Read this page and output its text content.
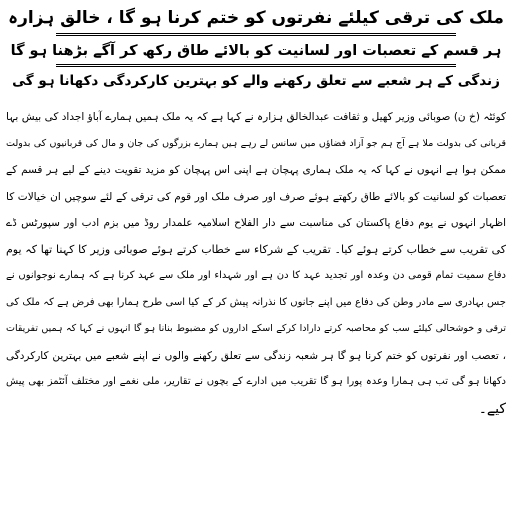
ملک کی ترقی کیلئے نفرتوں کو ختم کرنا ہو گا ، خالق ہزارہ
ہر قسم کے تعصبات اور لسانیت کو بالائے طاق رکھ کر آگے بڑھنا ہو گا
زندگی کے ہر شعبے سے تعلق رکھنے والے کو بہترین کارکردگی دکھانا ہو گی
کوئٹہ (خ ن) صوبائی وزیر کھیل و ثقافت عبدالخالق ہزارہ نے کہا ہے کہ یہ ملک ہمیں ہمارے آباؤ اجداد کی بیش بہا
قربانی کی بدولت ملا ہے آج ہم جو آزاد فضاؤں میں سانس لے رہے ہیں ہمارے بزرگوں کی جان و مال کی قربانیوں کی بدولت
ممکن ہوا ہے انہوں نے کہا کہ یہ ملک ہماری پہچان ہے اپنی اس پہچان کو مزید تقویت دینے کے لیے ہر قسم کے
تعصبات کو لسانیت کو بالائے طاق رکھتے ہوئے صرف اور صرف ملک اور قوم کی ترقی کے لئے سوچیں ان خیالات کا
اظہار انہوں نے یوم دفاع پاکستان کی مناسبت سے دار الفلاح اسلامیہ علمدار روڈ میں بزم ادب اور سپورٹس ڈے
کی تقریب سے خطاب کرتے ہوئے کیا۔ تقریب کے شرکاء سے خطاب کرتے ہوئے صوبائی وزیر کا کہنا تھا کہ یوم
دفاع سمیت تمام قومی دن وعدہ اور تجدید عہد کا دن ہے اور شہداء اور ملک سے عہد کرنا ہے کہ ہمارے نوجوانوں نے
جس بہادری سے مادر وطن کی دفاع میں اپنے جانوں کا نذرانہ پیش کر کے کیا اسی طرح ہمارا بھی فرض ہے کہ ملک کی
ترقی و خوشحالی کیلئے سب کو محاصبہ کرتے دارادا کرکے اسکے اداروں کو مضبوط بنانا ہو گا انہوں نے کہا کہ ہمیں تفریقات
، تعصب اور نفرتوں کو ختم کرنا ہو گا ہر شعبہ زندگی سے تعلق رکھنے والوں نے اپنے شعبے میں بہترین کارکردگی
دکھانا ہو گی تب ہی ہمارا وعدہ پورا ہو گا تقریب میں ادارے کے بچوں نے تقاریر، ملی نغمے اور مختلف آئٹمز بھی پیش
کیے۔
